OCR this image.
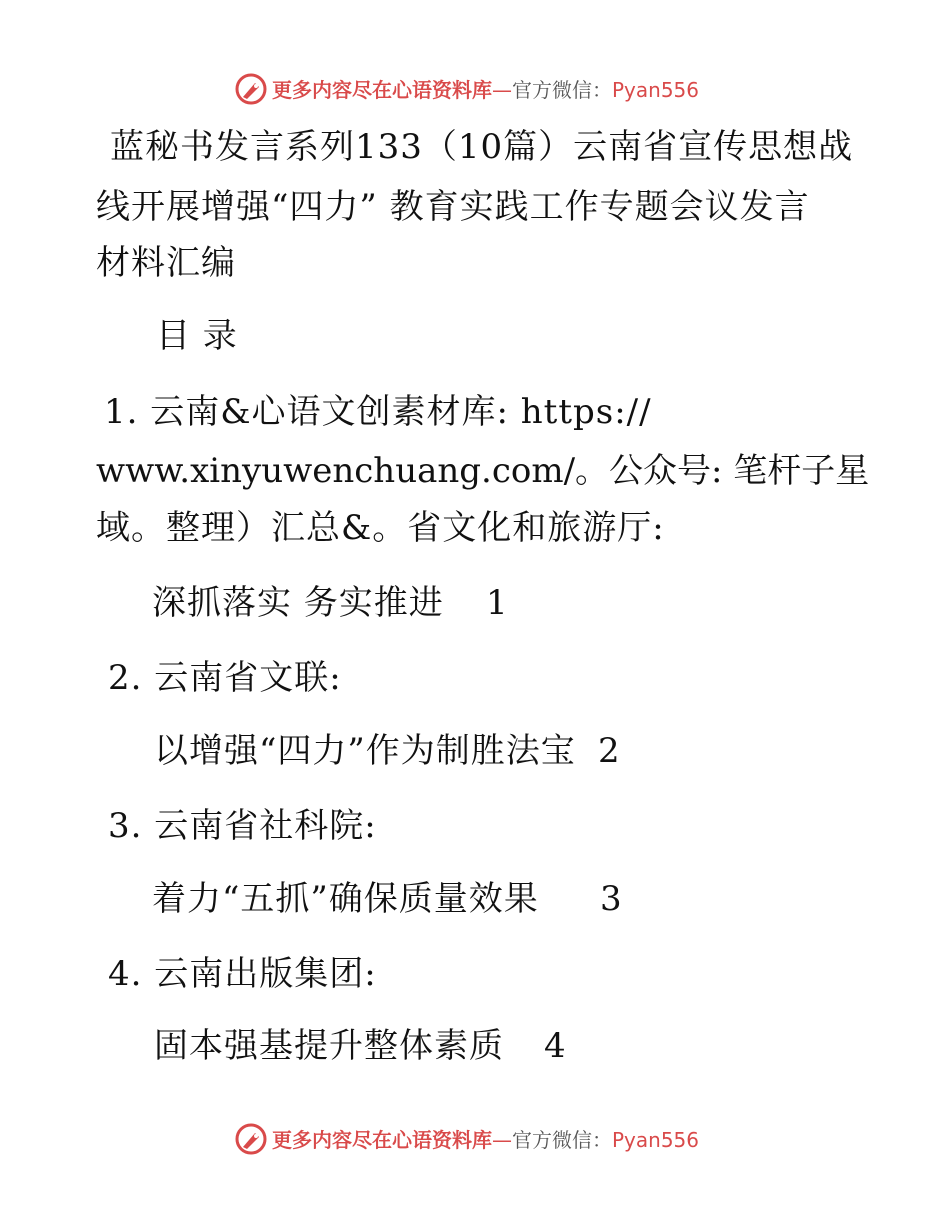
更多内容尽在心语资料库—官方微信：Pyan556
蓝秘书发言系列133（10篇）云南省宣传思想战
线开展增强“四力” 教育实践工作专题会议发言
材料汇编
目 录
1. 云南&心语文创素材库: https://
www.xinyuwenchuang.com/。公众号: 笔杆子星
域。整理）汇总&。省文化和旅游厅:
深抓落实 务实推进 1
2. 云南省文联:
以增强“四力”作为制胜法宝 2
3. 云南省社科院:
着力“五抓”确保质量效果 3
4. 云南出版集团:
固本强基提升整体素质 4
更多内容尽在心语资料库—官方微信：Pyan556
